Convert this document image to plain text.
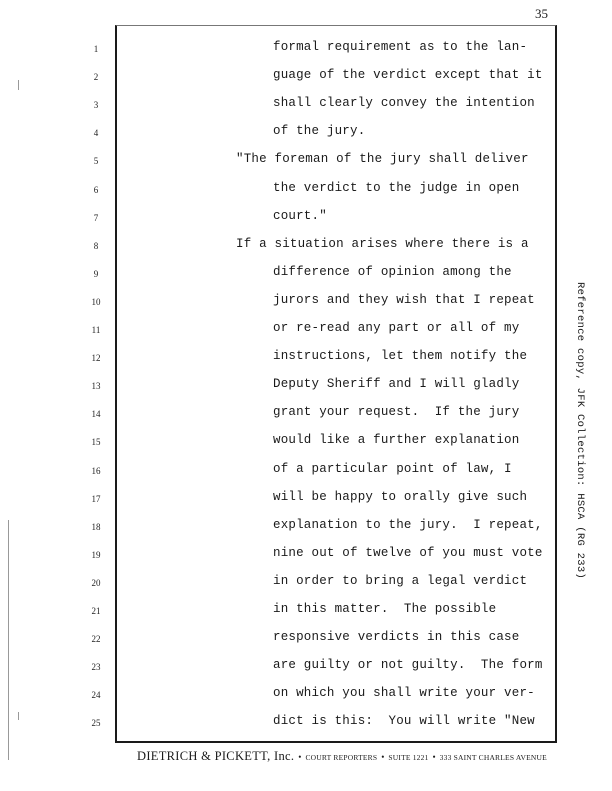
35
1
2
3
4
5
6
7
8
9
10
11
12
13
14
15
16
17
18
19
20
21
22
23
24
25
formal requirement as to the lan-
guage of the verdict except that it
shall clearly convey the intention
of the jury.
"The foreman of the jury shall deliver
the verdict to the judge in open
court."
If a situation arises where there is a
difference of opinion among the
jurors and they wish that I repeat
or re-read any part or all of my
instructions, let them notify the
Deputy Sheriff and I will gladly
grant your request.  If the jury
would like a further explanation
of a particular point of law, I
will be happy to orally give such
explanation to the jury.  I repeat,
nine out of twelve of you must vote
in order to bring a legal verdict
in this matter.  The possible
responsive verdicts in this case
are guilty or not guilty.  The form
on which you shall write your ver-
dict is this:  You will write "New
DIETRICH & PICKETT, Inc. • COURT REPORTERS • SUITE 1221 • 333 SAINT CHARLES AVENUE
Reference copy, JFK Collection: HSCA (RG 233)
